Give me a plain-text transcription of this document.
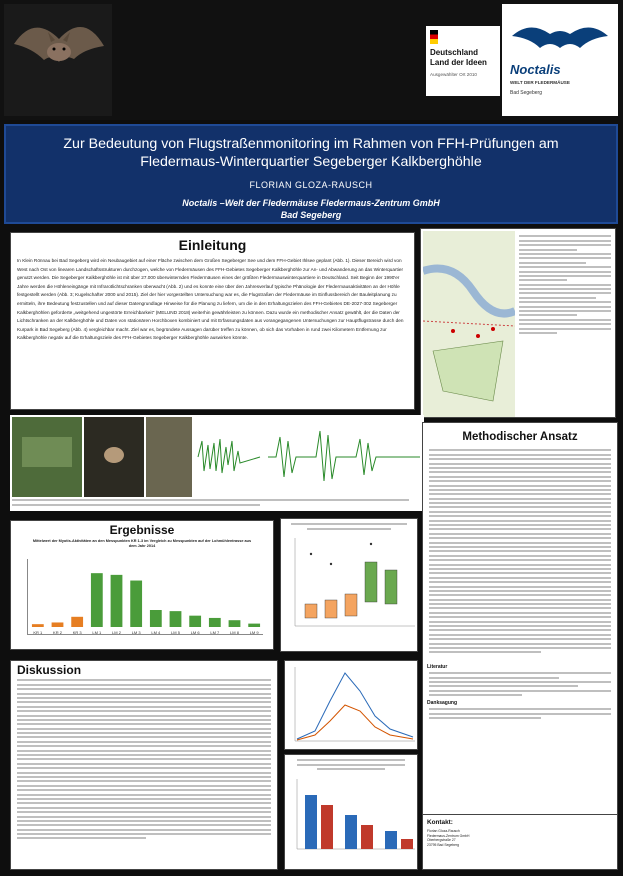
Deutschland
Land der Ideen
Ausgewählter Ort 2010	Noctalis
WELT DER FLEDERMÄUSE
Bad Segeberg
Zur Bedeutung von Flugstraßenmonitoring im Rahmen von FFH-Prüfungen am
Fledermaus-Winterquartier Segeberger Kalkberghöhle
FLORIAN GLOZA-RAUSCH
Noctalis –Welt der Fledermäuse Fledermaus-Zentrum GmbH
Bad Segeberg
Einleitung
In Klein Rönnau bei Bad Segeberg wird ein Neubaugebiet auf einer Fläche zwischen dem Großen Segeberger See und dem FFH-Gebiet Ihlsee geplant (Abb. 1). Dieser Bereich wird von West nach Ost von linearen Landschaftsstrukturen durchzogen, welche von Fledermäusen des FFH-Gebietes Segeberger Kalkberghöhle zur An- und Abwanderung an das Winterquartier genutzt werden. Die Segeberger Kalkberghöhle ist mit über 27.000 überwinternden Fledermäusen eines der größten Fledermauswinterquartiere in Deutschland. Seit Beginn der 1990'er Jahre werden die Höhleneingänge mit Infrarotlichtschranken überwacht (Abb. 2) und es konnte eine über den Jahresverlauf typische Phänologie der Fledermausaktivitäten an der Höhle festgestellt werden (Abb. 3; Kugelschafter 2000 und 2015). Ziel der hier vorgestellten Untersuchung war es, die Flugstraßen der Fledermäuse im Einflussbereich der Bauleitplanung zu ermitteln, ihre Bedeutung festzustellen und auf dieser Datengrundlage Hinweise für die Planung zu liefern, um die in den Erhaltungszielen des FFH-Gebietes DE-2027-302 Segeberger Kalkberghöhlen geforderte „weitgehend ungestörte Erreichbarkeit" (MELUND 2018) weiterhin gewährleisten zu können. Dazu wurde ein methodischer Ansatz gewählt, der die Daten der Lichtschranken an der Kalkberghöhle und Daten von stationären Horchboxen kombiniert und mit Erfassungsdaten aus vorangegangenen Untersuchungen zur Hauptflugstrasse durch den Kurpark in Bad Segeberg (Abb. 4) vergleichbar macht. Ziel war es, begründete Aussagen darüber treffen zu können, ob sich das Vorhaben in rund zwei Kilometern Entfernung zur Kalkberghöhle negativ auf die Erhaltungsziele des FFH-Gebietes Segeberger Kalkberghöhle auswirken könnte.
Methodischer Ansatz
Literatur
Danksagung
Kontakt:
Florian Gloza-Rausch
Fledermaus-Zentrum GmbH
Oberbergstraße 27
23795 Bad Segeberg
Ergebnisse
Mittelwert der Myotis-Aktivitäten an den Messpunkten KR 1-3 im Vergleich zu Messpunkten auf der Lohmühlentrasse aus dem Jahr 2014
KR 1	KR 2	KR 3	LM 1	LM 2	LM 3	LM 4	LM 5	LM 6	LM 7	LM 8	LM 9
Diskussion
